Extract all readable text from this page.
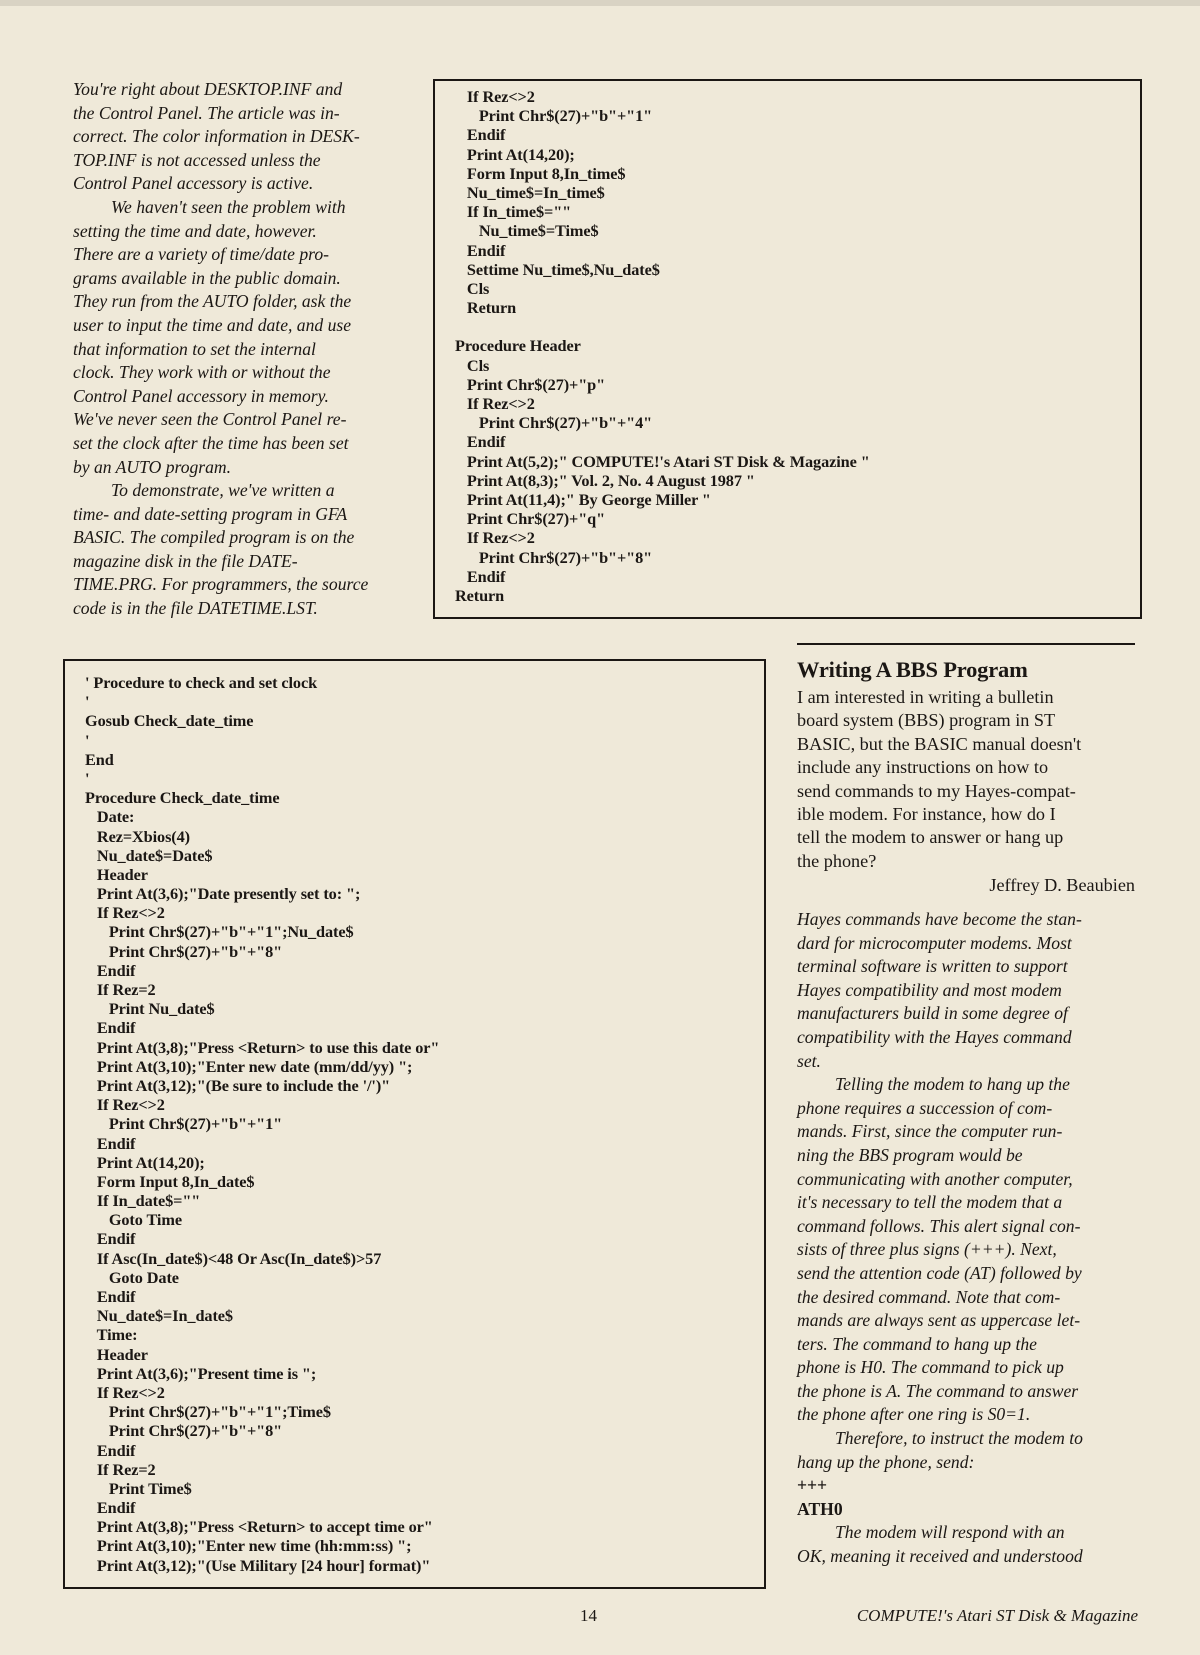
You're right about DESKTOP.INF and
the Control Panel. The article was in-
correct. The color information in DESK-
TOP.INF is not accessed unless the
Control Panel accessory is active.
We haven't seen the problem with
setting the time and date, however.
There are a variety of time/date pro-
grams available in the public domain.
They run from the AUTO folder, ask the
user to input the time and date, and use
that information to set the internal
clock. They work with or without the
Control Panel accessory in memory.
We've never seen the Control Panel re-
set the clock after the time has been set
by an AUTO program.
To demonstrate, we've written a
time- and date-setting program in GFA
BASIC. The compiled program is on the
magazine disk in the file DATE-
TIME.PRG. For programmers, the source
code is in the file DATETIME.LST.
If Rez<>2
Print Chr$(27)+"b"+"1"
Endif
Print At(14,20);
Form Input 8,In_time$
Nu_time$=In_time$
If In_time$=""
Nu_time$=Time$
Endif
Settime Nu_time$,Nu_date$
Cls
Return

Procedure Header
Cls
Print Chr$(27)+"p"
If Rez<>2
Print Chr$(27)+"b"+"4"
Endif
Print At(5,2);" COMPUTE!'s Atari ST Disk & Magazine "
Print At(8,3);" Vol. 2, No. 4 August 1987 "
Print At(11,4);" By George Miller "
Print Chr$(27)+"q"
If Rez<>2
Print Chr$(27)+"b"+"8"
Endif
Return
' Procedure to check and set clock
'
Gosub Check_date_time
'
End
'
Procedure Check_date_time
Date:
Rez=Xbios(4)
Nu_date$=Date$
Header
Print At(3,6);"Date presently set to: ";
If Rez<>2
Print Chr$(27)+"b"+"1";Nu_date$
Print Chr$(27)+"b"+"8"
Endif
If Rez=2
Print Nu_date$
Endif
Print At(3,8);"Press <Return> to use this date or"
Print At(3,10);"Enter new date (mm/dd/yy) ";
Print At(3,12);"(Be sure to include the '/')"
If Rez<>2
Print Chr$(27)+"b"+"1"
Endif
Print At(14,20);
Form Input 8,In_date$
If In_date$=""
Goto Time
Endif
If Asc(In_date$)<48 Or Asc(In_date$)>57
Goto Date
Endif
Nu_date$=In_date$
Time:
Header
Print At(3,6);"Present time is ";
If Rez<>2
Print Chr$(27)+"b"+"1";Time$
Print Chr$(27)+"b"+"8"
Endif
If Rez=2
Print Time$
Endif
Print At(3,8);"Press <Return> to accept time or"
Print At(3,10);"Enter new time (hh:mm:ss) ";
Print At(3,12);"(Use Military [24 hour] format)"
Writing A BBS Program
I am interested in writing a bulletin
board system (BBS) program in ST
BASIC, but the BASIC manual doesn't
include any instructions on how to
send commands to my Hayes-compat-
ible modem. For instance, how do I
tell the modem to answer or hang up
the phone?
Jeffrey D. Beaubien
Hayes commands have become the stan-
dard for microcomputer modems. Most
terminal software is written to support
Hayes compatibility and most modem
manufacturers build in some degree of
compatibility with the Hayes command
set.
Telling the modem to hang up the
phone requires a succession of com-
mands. First, since the computer run-
ning the BBS program would be
communicating with another computer,
it's necessary to tell the modem that a
command follows. This alert signal con-
sists of three plus signs (+++). Next,
send the attention code (AT) followed by
the desired command. Note that com-
mands are always sent as uppercase let-
ters. The command to hang up the
phone is H0. The command to pick up
the phone is A. The command to answer
the phone after one ring is S0=1.
Therefore, to instruct the modem to
hang up the phone, send:
+++
ATH0
The modem will respond with an
OK, meaning it received and understood
14	COMPUTE!'s Atari ST Disk & Magazine
